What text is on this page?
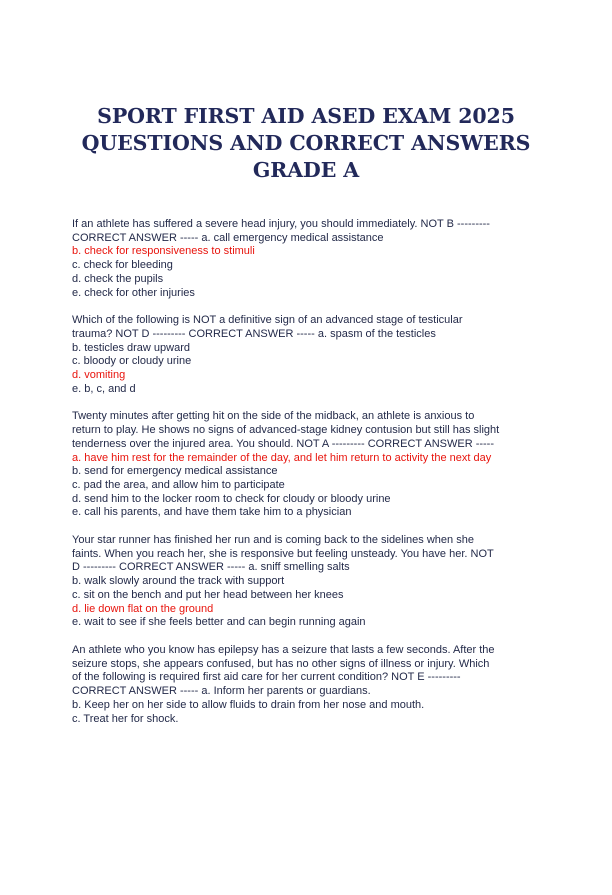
SPORT FIRST AID ASED EXAM 2025
QUESTIONS AND CORRECT ANSWERS
GRADE A
If an athlete has suffered a severe head injury, you should immediately. NOT B ---------
CORRECT ANSWER ----- a. call emergency medical assistance
b. check for responsiveness to stimuli
c. check for bleeding
d. check the pupils
e. check for other injuries
Which of the following is NOT a definitive sign of an advanced stage of testicular
trauma? NOT D --------- CORRECT ANSWER ----- a. spasm of the testicles
b. testicles draw upward
c. bloody or cloudy urine
d. vomiting
e. b, c, and d
Twenty minutes after getting hit on the side of the midback, an athlete is anxious to
return to play. He shows no signs of advanced-stage kidney contusion but still has slight
tenderness over the injured area. You should. NOT A --------- CORRECT ANSWER -----
a. have him rest for the remainder of the day, and let him return to activity the next day
b. send for emergency medical assistance
c. pad the area, and allow him to participate
d. send him to the locker room to check for cloudy or bloody urine
e. call his parents, and have them take him to a physician
Your star runner has finished her run and is coming back to the sidelines when she
faints. When you reach her, she is responsive but feeling unsteady. You have her. NOT
D --------- CORRECT ANSWER ----- a. sniff smelling salts
b. walk slowly around the track with support
c. sit on the bench and put her head between her knees
d. lie down flat on the ground
e. wait to see if she feels better and can begin running again
An athlete who you know has epilepsy has a seizure that lasts a few seconds. After the
seizure stops, she appears confused, but has no other signs of illness or injury. Which
of the following is required first aid care for her current condition? NOT E ---------
CORRECT ANSWER ----- a. Inform her parents or guardians.
b. Keep her on her side to allow fluids to drain from her nose and mouth.
c. Treat her for shock.
